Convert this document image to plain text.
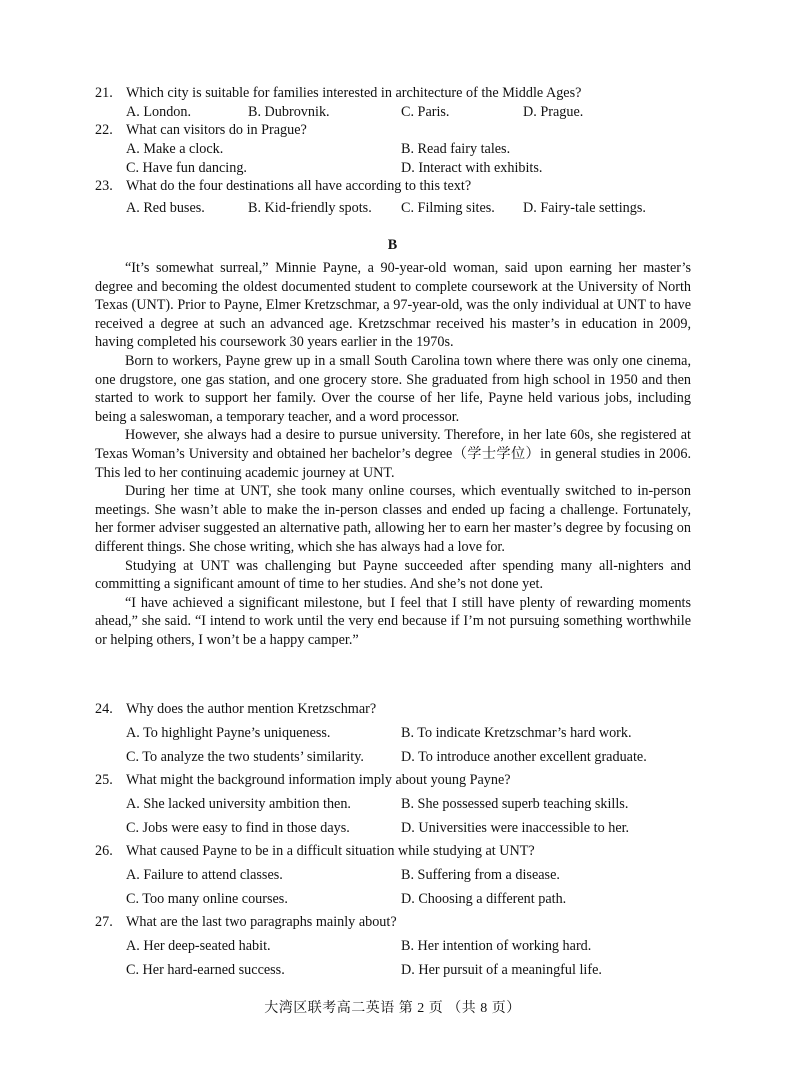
21. Which city is suitable for families interested in architecture of the Middle Ages?
A. London.	B. Dubrovnik.	C. Paris.	D. Prague.
22. What can visitors do in Prague?
A. Make a clock.	B. Read fairy tales.
C. Have fun dancing.	D. Interact with exhibits.
23. What do the four destinations all have according to this text?
A. Red buses.	B. Kid-friendly spots. C. Filming sites. D. Fairy-tale settings.
B

“It’s somewhat surreal,” Minnie Payne, a 90-year-old woman, said upon earning her master’s degree and becoming the oldest documented student to complete coursework at the University of North Texas (UNT). Prior to Payne, Elmer Kretzschmar, a 97-year-old, was the only individual at UNT to have received a degree at such an advanced age. Kretzschmar received his master’s in education in 2009, having completed his coursework 30 years earlier in the 1970s.

Born to workers, Payne grew up in a small South Carolina town where there was only one cinema, one drugstore, one gas station, and one grocery store. She graduated from high school in 1950 and then started to work to support her family. Over the course of her life, Payne held various jobs, including being a saleswoman, a temporary teacher, and a word processor.

However, she always had a desire to pursue university. Therefore, in her late 60s, she registered at Texas Woman’s University and obtained her bachelor’s degree（学士学位）in general studies in 2006. This led to her continuing academic journey at UNT.

During her time at UNT, she took many online courses, which eventually switched to in-person meetings. She wasn’t able to make the in-person classes and ended up facing a challenge. Fortunately, her former adviser suggested an alternative path, allowing her to earn her master’s degree by focusing on different things. She chose writing, which she has always had a love for.

Studying at UNT was challenging but Payne succeeded after spending many all-nighters and committing a significant amount of time to her studies. And she’s not done yet.

“I have achieved a significant milestone, but I feel that I still have plenty of rewarding moments ahead,” she said. “I intend to work until the very end because if I’m not pursuing something worthwhile or helping others, I won’t be a happy camper.”

24. Why does the author mention Kretzschmar?
A. To highlight Payne’s uniqueness.	B. To indicate Kretzschmar’s hard work.
C. To analyze the two students’ similarity.	D. To introduce another excellent graduate.
25. What might the background information imply about young Payne?
A. She lacked university ambition then.	B. She possessed superb teaching skills.
C. Jobs were easy to find in those days.	D. Universities were inaccessible to her.
26. What caused Payne to be in a difficult situation while studying at UNT?
A. Failure to attend classes.	B. Suffering from a disease.
C. Too many online courses.	D. Choosing a different path.
27. What are the last two paragraphs mainly about?
A. Her deep-seated habit.	B. Her intention of working hard.
C. Her hard-earned success.	D. Her pursuit of a meaningful life.
大湾区联考高二英语 第 2 页 （共 8 页）
